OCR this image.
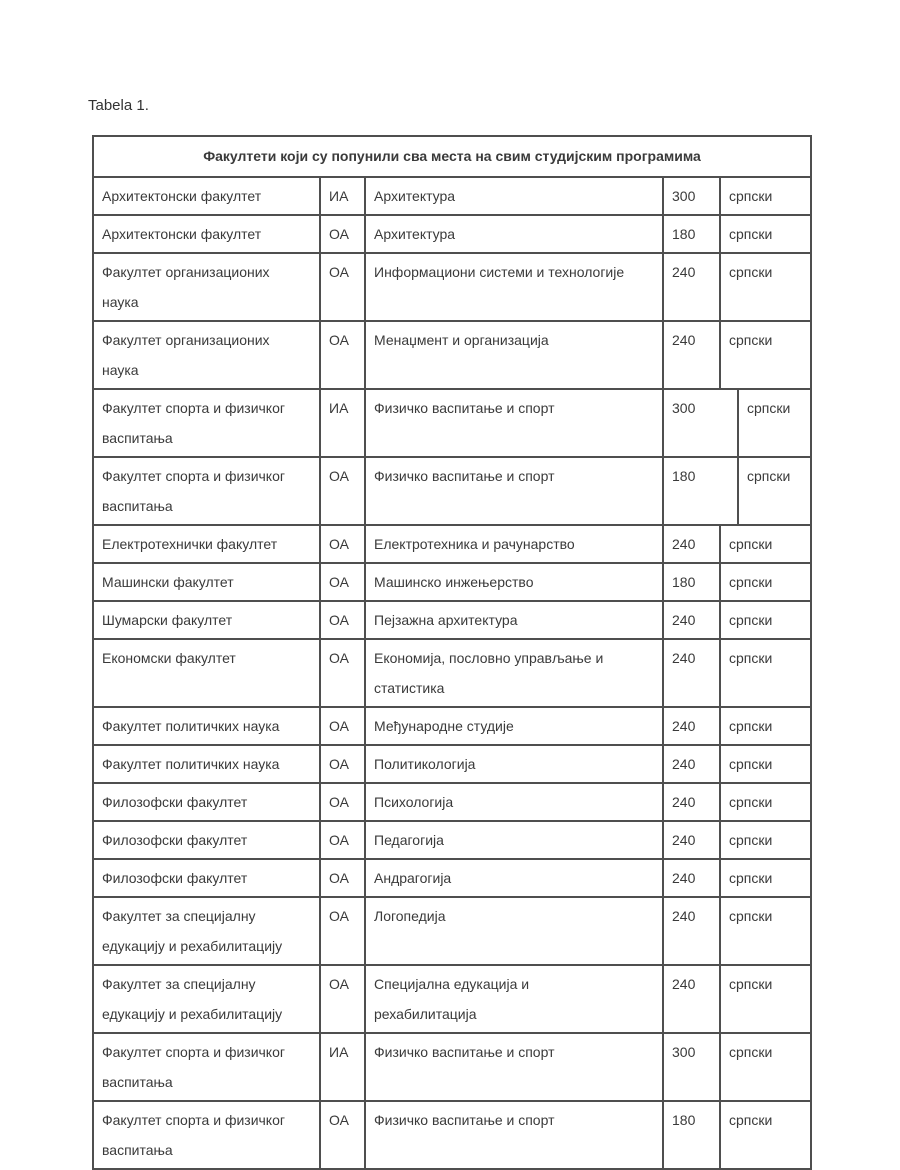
Tabela 1.
Факултети који су попунили сва места на свим студијским програмима					
Архитектонски факултет	ИА	Архитектура	300	српски	
Архитектонски факултет	ОА	Архитектура	180	српски	
Факултет организационих
наука	ОА	Информациони системи и технологије	240	српски	
Факултет организационих
наука	ОА	Менаџмент и организација	240	српски	
Факултет спорта и физичког
васпитања	ИА	Физичко васпитање и спорт	300		српски
Факултет спорта и физичког
васпитања	ОА	Физичко васпитање и спорт	180		српски
Електротехнички факултет	ОА	Електротехника и рачунарство	240	српски	
Машински факултет	ОА	Машинско инжењерство	180	српски	
Шумарски факултет	ОА	Пејзажна архитектура	240	српски	
Економски факултет	ОА	Економија, пословно управљање и
статистика	240	српски	
Факултет политичких наука	ОА	Међународне студије	240	српски	
Факултет политичких наука	ОА	Политикологија	240	српски	
Филозофски факултет	ОА	Психологија	240	српски	
Филозофски факултет	ОА	Педагогија	240	српски	
Филозофски факултет	ОА	Андрагогија	240	српски	
Факултет за специјалну
едукацију и рехабилитацију	ОА	Логопедија	240	српски	
Факултет за специјалну
едукацију и рехабилитацију	ОА	Специјална едукација и
рехабилитација	240	српски	
Факултет спорта и физичког
васпитања	ИА	Физичко васпитање и спорт	300	српски	
Факултет спорта и физичког
васпитања	ОА	Физичко васпитање и спорт	180	српски	
